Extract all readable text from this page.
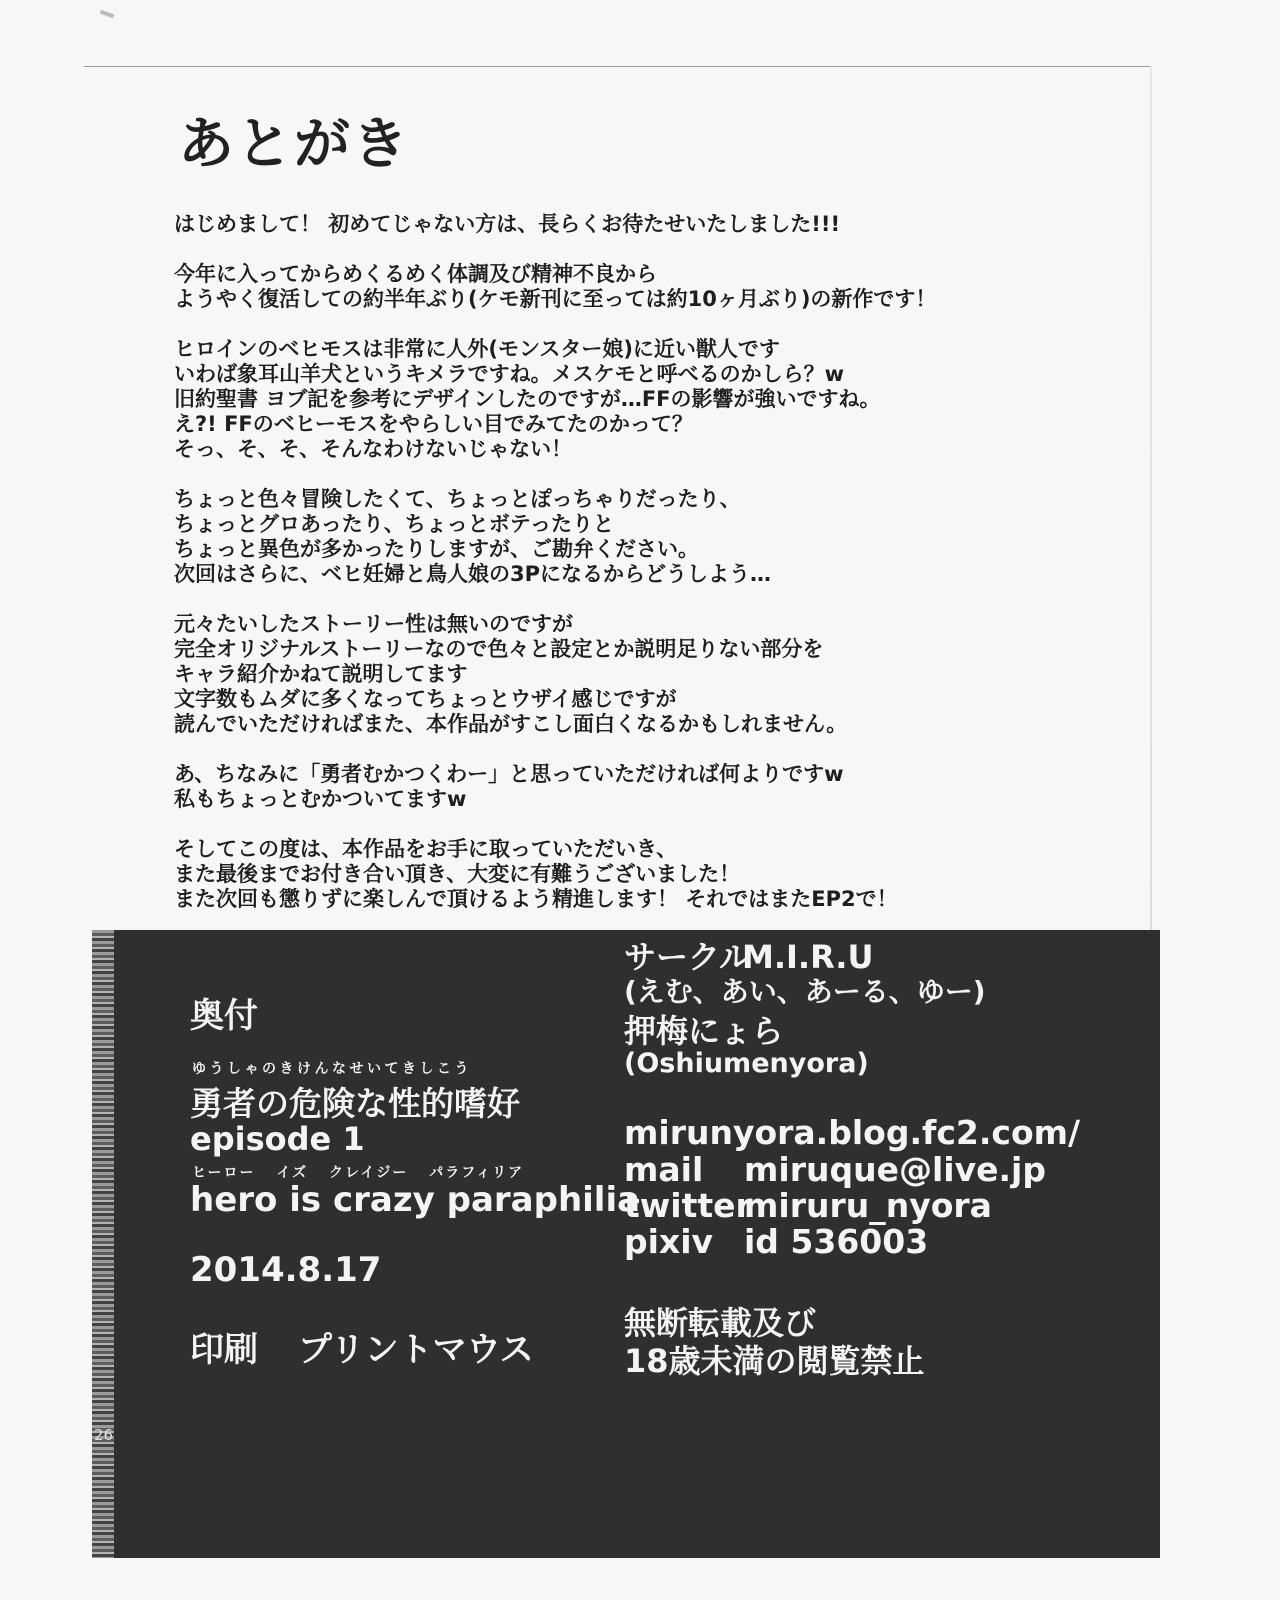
あとがき

はじめまして！ 初めてじゃない方は、長らくお待たせいたしました!!!

今年に入ってからめくるめく体調及び精神不良から
ようやく復活しての約半年ぶり(ケモ新刊に至っては約10ヶ月ぶり)の新作です！

ヒロインのベヒモスは非常に人外(モンスター娘)に近い獣人です
いわば象耳山羊犬というキメラですね。メスケモと呼べるのかしら？w
旧約聖書 ヨブ記を参考にデザインしたのですが…FFの影響が強いですね。
え?! FFのベヒーモスをやらしい目でみてたのかって？
そっ、そ、そ、そんなわけないじゃない！

ちょっと色々冒険したくて、ちょっとぽっちゃりだったり、
ちょっとグロあったり、ちょっとボテったりと
ちょっと異色が多かったりしますが、ご勘弁ください。
次回はさらに、ベヒ妊婦と鳥人娘の3Pになるからどうしよう…

元々たいしたストーリー性は無いのですが
完全オリジナルストーリーなので色々と設定とか説明足りない部分を
キャラ紹介かねて説明してます
文字数もムダに多くなってちょっとウザイ感じですが
読んでいただければまた、本作品がすこし面白くなるかもしれません。

あ、ちなみに「勇者むかつくわー」と思っていただければ何よりですw
私もちょっとむかついてますw

そしてこの度は、本作品をお手に取っていただいき、
また最後までお付き合い頂き、大変に有難うございました！
また次回も懲りずに楽しんで頂けるよう精進します！ それではまたEP2で！

26
奥付
ゆうしゃのきけんなせいてきしこう
勇者の危険な性的嗜好
episode 1
ヒーロー イズ クレイジー パラフィリア
hero is crazy paraphilia
2014.8.17
印刷 プリントマウス
サークルM.I.R.U
(えむ、あい、あーる、ゆー)
押梅にょら
(Oshiumenyora)
mirunyora.blog.fc2.com/
mail miruque@live.jp
twittermiruru_nyora
pixiv id 536003
無断転載及び
18歳未満の閲覧禁止
